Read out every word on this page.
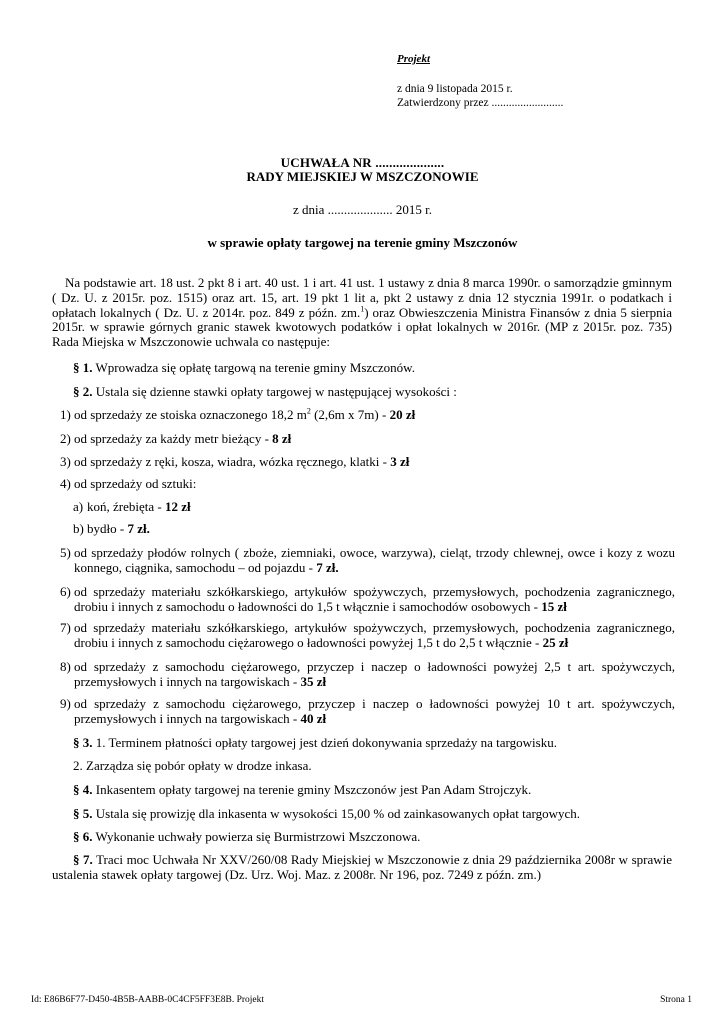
Projekt
z dnia 9 listopada 2015 r.
Zatwierdzony przez .........................
UCHWAŁA NR ....................
RADY MIEJSKIEJ W MSZCZONOWIE
z dnia .................... 2015 r.
w sprawie opłaty targowej na terenie gminy Mszczonów

Na podstawie art. 18 ust. 2 pkt 8 i art. 40 ust. 1 i art. 41 ust. 1 ustawy z dnia 8 marca 1990r. o samorządzie gminnym ( Dz. U. z 2015r. poz. 1515) oraz art. 15, art. 19 pkt 1 lit a, pkt 2 ustawy z dnia 12 stycznia 1991r. o podatkach i opłatach lokalnych ( Dz. U. z 2014r. poz. 849 z późn. zm.$^1$) oraz Obwieszczenia Ministra Finansów z dnia 5 sierpnia 2015r. w sprawie górnych granic stawek kwotowych podatków i opłat lokalnych w 2016r. (MP z 2015r. poz. 735) Rada Miejska w Mszczonowie uchwala co następuje:

§ 1. Wprowadza się opłatę targową na terenie gminy Mszczonów.
§ 2. Ustala się dzienne stawki opłaty targowej w następującej wysokości :
1) od sprzedaży ze stoiska oznaczonego 18,2 $m^2$ (2,6m x 7m) - 20 zł
2) od sprzedaży za każdy metr bieżący - 8 zł
3) od sprzedaży z ręki, kosza, wiadra, wózka ręcznego, klatki - 3 zł
4) od sprzedaży od sztuki:
a) koń, źrebięta - 12 zł
b) bydło - 7 zł.
5) od sprzedaży płodów rolnych ( zboże, ziemniaki, owoce, warzywa), cieląt, trzody chlewnej, owce i kozy z wozu konnego, ciągnika, samochodu – od pojazdu - 7 zł.
6) od sprzedaży materiału szkółkarskiego, artykułów spożywczych, przemysłowych, pochodzenia zagranicznego, drobiu i innych z samochodu o ładowności do 1,5 t włącznie i samochodów osobowych - 15 zł
7) od sprzedaży materiału szkółkarskiego, artykułów spożywczych, przemysłowych, pochodzenia zagranicznego, drobiu i innych z samochodu ciężarowego o ładowności powyżej 1,5 t do 2,5 t włącznie - 25 zł
8) od sprzedaży z samochodu ciężarowego, przyczep i naczep o ładowności powyżej 2,5 t art. spożywczych, przemysłowych i innych na targowiskach - 35 zł
9) od sprzedaży z samochodu ciężarowego, przyczep i naczep o ładowności powyżej 10 t art. spożywczych, przemysłowych i innych na targowiskach - 40 zł
§ 3. 1. Terminem płatności opłaty targowej jest dzień dokonywania sprzedaży na targowisku.
2. Zarządza się pobór opłaty w drodze inkasa.
§ 4. Inkasentem opłaty targowej na terenie gminy Mszczonów jest Pan Adam Strojczyk.
§ 5. Ustala się prowizję dla inkasenta w wysokości 15,00 % od zainkasowanych opłat targowych.
§ 6. Wykonanie uchwały powierza się Burmistrzowi Mszczonowa.
§ 7. Traci moc Uchwała Nr XXV/260/08 Rady Miejskiej w Mszczonowie z dnia 29 października 2008r w sprawie ustalenia stawek opłaty targowej (Dz. Urz. Woj. Maz. z 2008r. Nr 196, poz. 7249 z późn. zm.)
Id: E86B6F77-D450-4B5B-AABB-0C4CF5FF3E8B. Projekt	Strona 1
